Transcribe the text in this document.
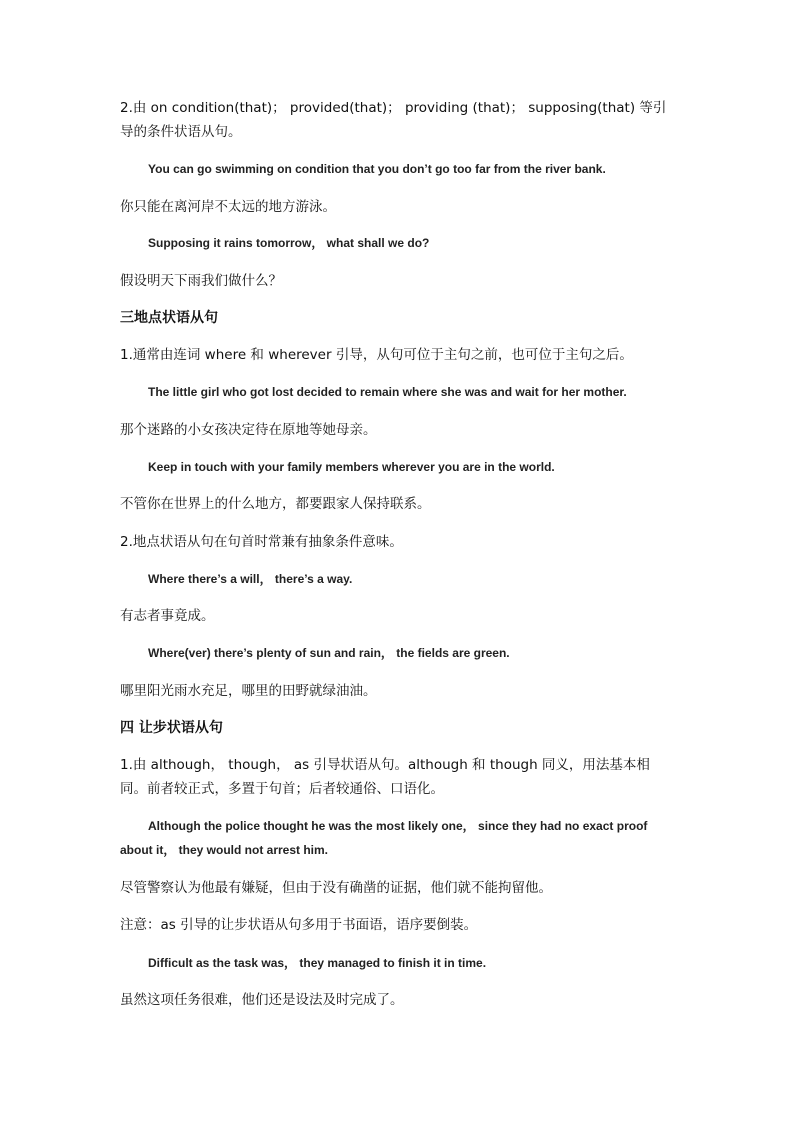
2.由 on condition(that)； provided(that)； providing (that)； supposing(that) 等引导的条件状语从句。
You can go swimming on condition that you don’t go too far from the river bank.
你只能在离河岸不太远的地方游泳。
Supposing it rains tomorrow， what shall we do?
假设明天下雨我们做什么？
三地点状语从句
1.通常由连词 where 和 wherever 引导，从句可位于主句之前，也可位于主句之后。
The little girl who got lost decided to remain where she was and wait for her mother.
那个迷路的小女孩决定待在原地等她母亲。
Keep in touch with your family members wherever you are in the world.
不管你在世界上的什么地方，都要跟家人保持联系。
2.地点状语从句在句首时常兼有抽象条件意味。
Where there’s a will， there’s a way.
有志者事竟成。
Where(ver) there’s plenty of sun and rain， the fields are green.
哪里阳光雨水充足，哪里的田野就绿油油。
四 让步状语从句
1.由 although， though， as 引导状语从句。although 和 though 同义，用法基本相同。前者较正式，多置于句首；后者较通俗、口语化。
Although the police thought he was the most likely one， since they had no exact proof about it， they would not arrest him.
尽管警察认为他最有嫌疑，但由于没有确凿的证据，他们就不能拘留他。
注意：as 引导的让步状语从句多用于书面语，语序要倒装。
Difficult as the task was， they managed to finish it in time.
虽然这项任务很难，他们还是设法及时完成了。
